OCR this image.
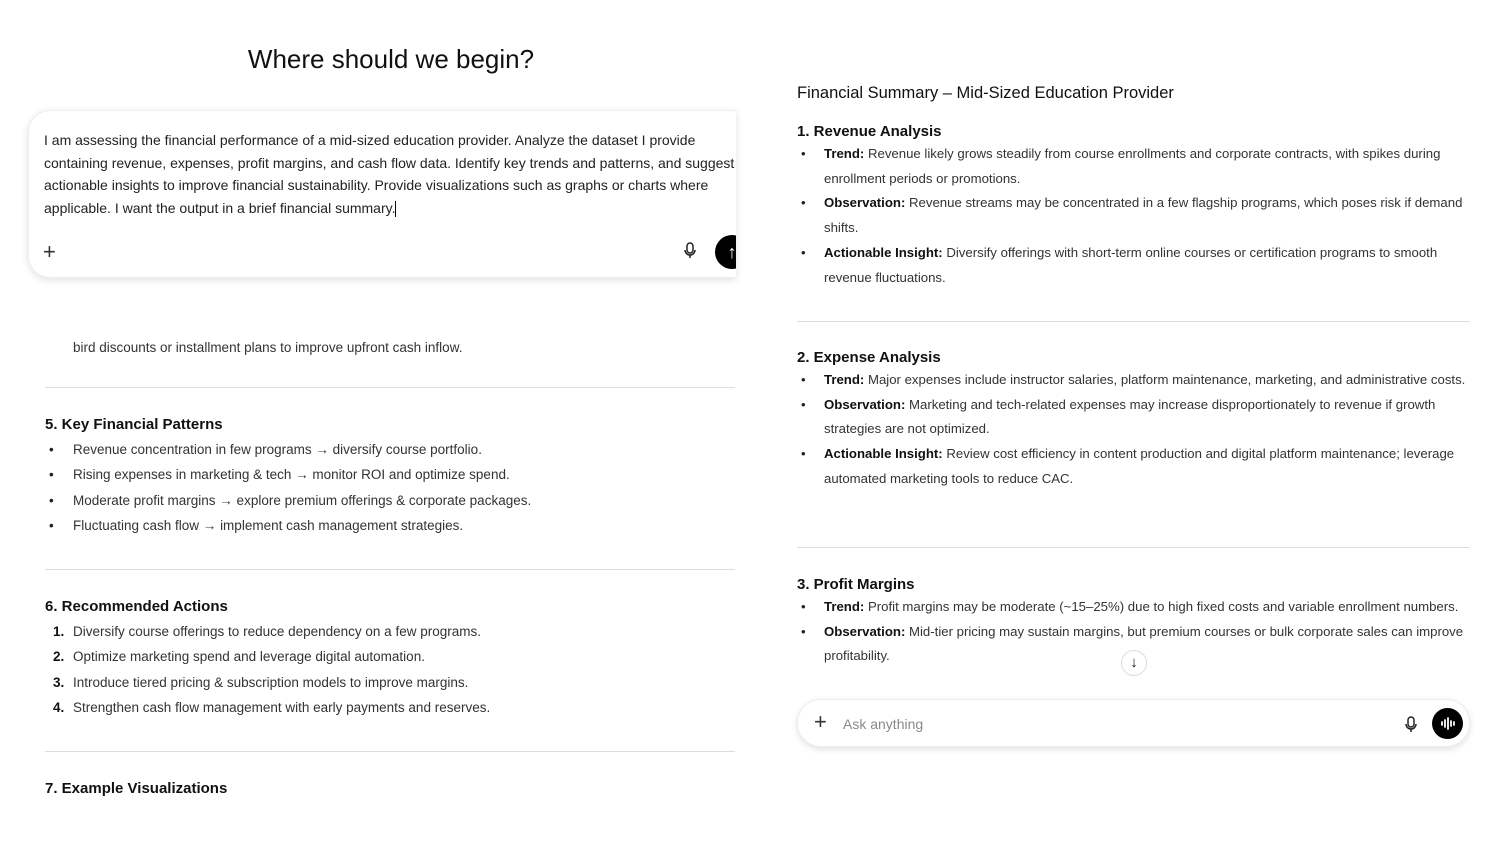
Where should we begin?
I am assessing the financial performance of a mid-sized education provider. Analyze the dataset I provide containing revenue, expenses, profit margins, and cash flow data. Identify key trends and patterns, and suggest actionable insights to improve financial sustainability. Provide visualizations such as graphs or charts where applicable. I want the output in a brief financial summary.
+	↑
bird discounts or installment plans to improve upfront cash inflow.
5. Key Financial Patterns
• Revenue concentration in few programs → diversify course portfolio.
• Rising expenses in marketing & tech → monitor ROI and optimize spend.
• Moderate profit margins → explore premium offerings & corporate packages.
• Fluctuating cash flow → implement cash management strategies.
6. Recommended Actions
1. Diversify course offerings to reduce dependency on a few programs.
2. Optimize marketing spend and leverage digital automation.
3. Introduce tiered pricing & subscription models to improve margins.
4. Strengthen cash flow management with early payments and reserves.
7. Example Visualizations
Financial Summary – Mid-Sized Education Provider
1. Revenue Analysis
• Trend: Revenue likely grows steadily from course enrollments and corporate contracts, with spikes during enrollment periods or promotions.
• Observation: Revenue streams may be concentrated in a few flagship programs, which poses risk if demand shifts.
• Actionable Insight: Diversify offerings with short-term online courses or certification programs to smooth revenue fluctuations.
2. Expense Analysis
• Trend: Major expenses include instructor salaries, platform maintenance, marketing, and administrative costs.
• Observation: Marketing and tech-related expenses may increase disproportionately to revenue if growth strategies are not optimized.
• Actionable Insight: Review cost efficiency in content production and digital platform maintenance; leverage automated marketing tools to reduce CAC.
3. Profit Margins
• Trend: Profit margins may be moderate (~15–25%) due to high fixed costs and variable enrollment numbers.
• Observation: Mid-tier pricing may sustain margins, but premium courses or bulk corporate sales can improve profitability.	↓
+ Ask anything
